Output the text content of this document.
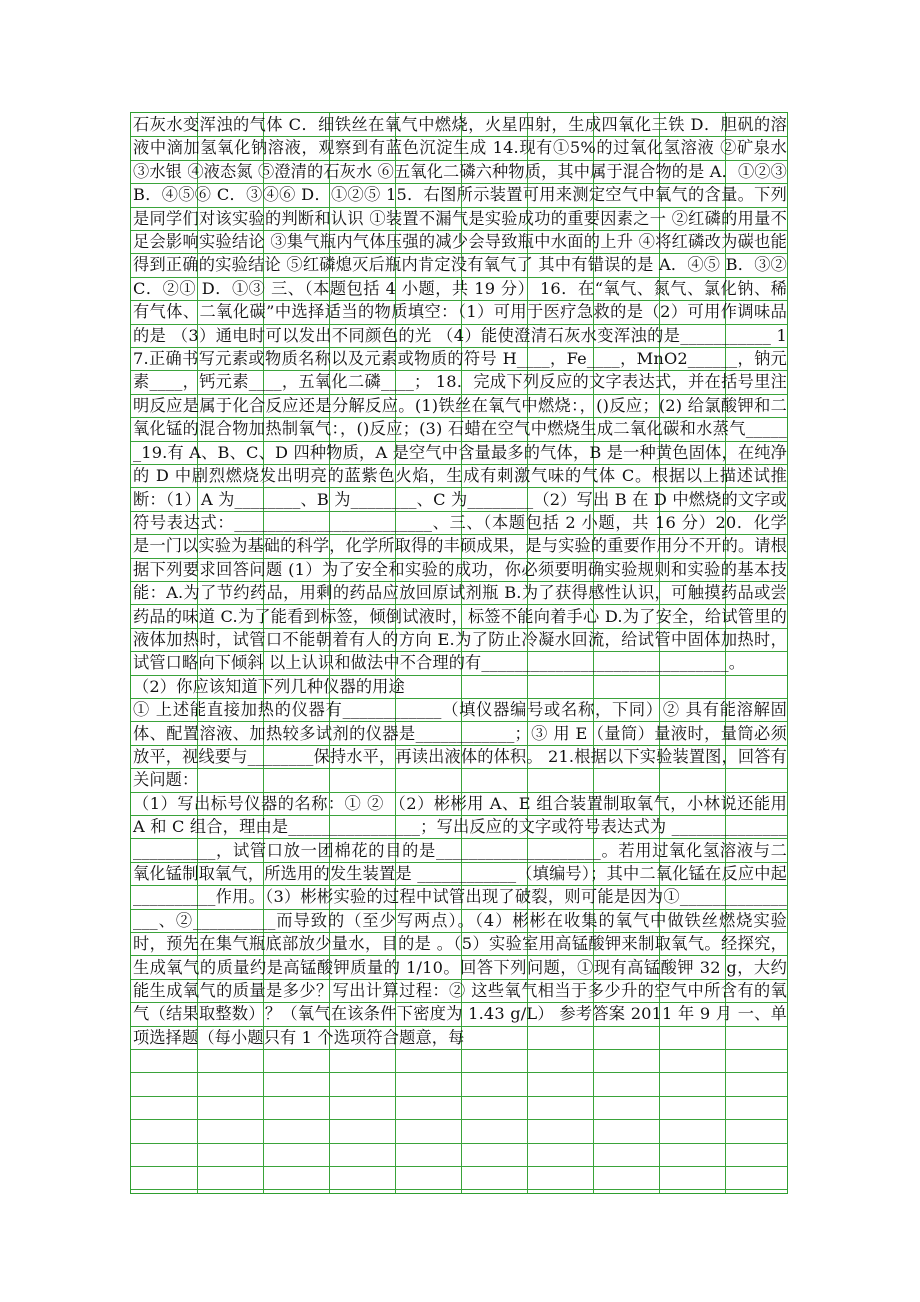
石灰水变浑浊的气体 C．细铁丝在氧气中燃烧，火星四射，生成四氧化三铁 D．胆矾的溶液中滴加氢氧化钠溶液，观察到有蓝色沉淀生成 14.现有①5%的过氧化氢溶液 ②矿泉水 ③水银 ④液态氮 ⑤澄清的石灰水 ⑥五氧化二磷六种物质，其中属于混合物的是 A．①②③ B．④⑤⑥ C．③④⑥ D．①②⑤ 15．右图所示装置可用来测定空气中氧气的含量。下列是同学们对该实验的判断和认识 ①装置不漏气是实验成功的重要因素之一 ②红磷的用量不足会影响实验结论 ③集气瓶内气体压强的减少会导致瓶中水面的上升 ④将红磷改为碳也能得到正确的实验结论 ⑤红磷熄灭后瓶内肯定没有氧气了 其中有错误的是 A．④⑤ B．③② C．②① D．①③ 三、（本题包括 4 小题，共 19 分） 16．在“氧气、氮气、氯化钠、稀有气体、二氧化碳”中选择适当的物质填空：（1）可用于医疗急救的是（2）可用作调味品的是 （3）通电时可以发出不同颜色的光 （4）能使澄清石灰水变浑浊的是___________ 17.正确书写元素或物质名称以及元素或物质的符号 H____，Fe____，MnO2______，钠元素____，钙元素____，五氧化二磷____； 18．完成下列反应的文字表达式，并在括号里注明反应是属于化合反应还是分解反应。(1)铁丝在氧气中燃烧：，()反应；(2) 给氯酸钾和二氧化锰的混合物加热制氧气：，()反应；(3) 石蜡在空气中燃烧生成二氧化碳和水蒸气______19.有 A、B、C、D 四种物质，A 是空气中含量最多的气体，B 是一种黄色固体，在纯净的 D 中剧烈燃烧发出明亮的蓝紫色火焰，生成有刺激气味的气体 C。根据以上描述试推断：（1）A 为________、B 为________、C 为________（2）写出 B 在 D 中燃烧的文字或符号表达式：________________________、三、（本题包括 2 小题，共 16 分）20．化学是一门以实验为基础的科学，化学所取得的丰硕成果，是与实验的重要作用分不开的。请根据下列要求回答问题 (1）为了安全和实验的成功，你必须要明确实验规则和实验的基本技能：A.为了节约药品，用剩的药品应放回原试剂瓶 B.为了获得感性认识，可触摸药品或尝药品的味道 C.为了能看到标签，倾倒试液时，标签不能向着手心 D.为了安全，给试管里的液体加热时，试管口不能朝着有人的方向 E.为了防止冷凝水回流，给试管中固体加热时，试管口略向下倾斜 以上认识和做法中不合理的有______________________________。

（2）你应该知道下列几种仪器的用途

① 上述能直接加热的仪器有____________（填仪器编号或名称，下同）② 具有能溶解固体、配置溶液、加热较多试剂的仪器是____________；③ 用 E（量筒）量液时，量筒必须放平，视线要与________保持水平，再读出液体的体积。 21.根据以下实验装置图，回答有关问题：

（1）写出标号仪器的名称：① ② （2）彬彬用 A、E 组合装置制取氧气，小林说还能用 A 和 C 组合，理由是________________；写出反应的文字或符号表达式为 ________________________，试管口放一团棉花的目的是____________________。若用过氧化氢溶液与二氧化锰制取氧气，所选用的发生装置是 ____________（填编号）；其中二氧化锰在反应中起__________作用。（3）彬彬实验的过程中试管出现了破裂，则可能是因为①________________、②__________而导致的（至少写两点）。（4）彬彬在收集的氧气中做铁丝燃烧实验时，预先在集气瓶底部放少量水，目的是 。（5）实验室用高锰酸钾来制取氧气。经探究，生成氧气的质量约是高锰酸钾质量的 1/10。回答下列问题，①现有高锰酸钾 32 g，大约能生成氧气的质量是多少？写出计算过程：② 这些氧气相当于多少升的空气中所含有的氧气（结果取整数）？（氧气在该条件下密度为 1.43 g/L） 参考答案 2011 年 9 月 一、单项选择题（每小题只有 1 个选项符合题意，每
